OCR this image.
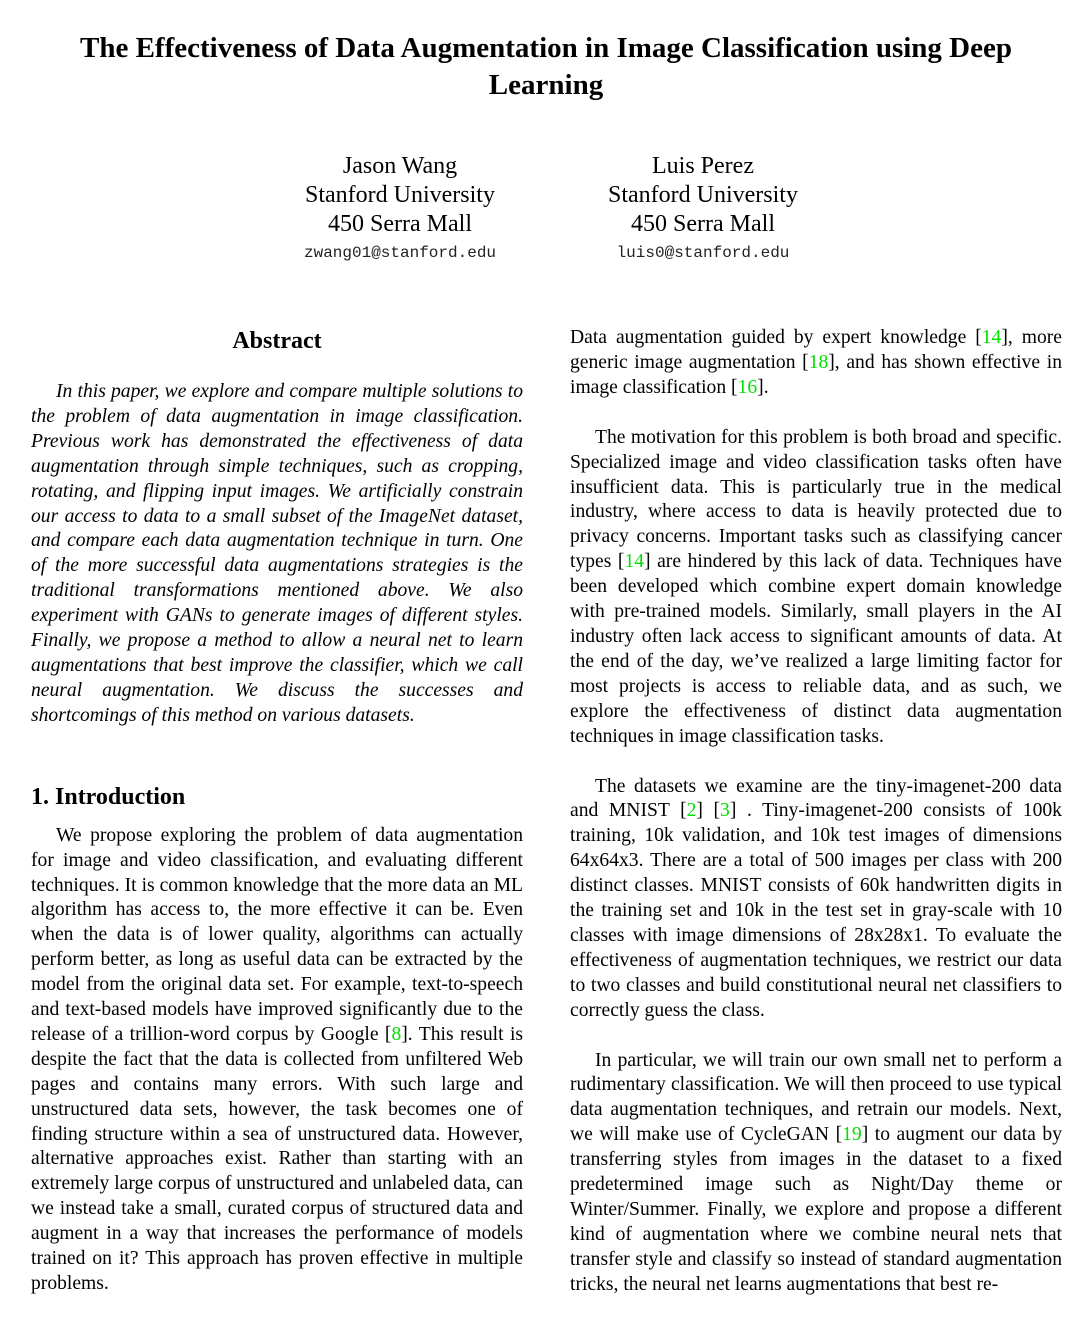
The Effectiveness of Data Augmentation in Image Classification using Deep Learning
Jason Wang
Stanford University
450 Serra Mall
zwang01@stanford.edu
Luis Perez
Stanford University
450 Serra Mall
luis0@stanford.edu
Abstract

In this paper, we explore and compare multiple solutions to the problem of data augmentation in image classification. Previous work has demonstrated the effectiveness of data augmentation through simple techniques, such as cropping, rotating, and flipping input images. We artificially constrain our access to data to a small subset of the ImageNet dataset, and compare each data augmentation technique in turn. One of the more successful data augmentations strategies is the traditional transformations mentioned above. We also experiment with GANs to generate images of different styles. Finally, we propose a method to allow a neural net to learn augmentations that best improve the classifier, which we call neural augmentation. We discuss the successes and shortcomings of this method on various datasets.

1. Introduction

We propose exploring the problem of data augmentation for image and video classification, and evaluating different techniques. It is common knowledge that the more data an ML algorithm has access to, the more effective it can be. Even when the data is of lower quality, algorithms can actually perform better, as long as useful data can be extracted by the model from the original data set. For example, text-to-speech and text-based models have improved significantly due to the release of a trillion-word corpus by Google [8]. This result is despite the fact that the data is collected from unfiltered Web pages and contains many errors. With such large and unstructured data sets, however, the task becomes one of finding structure within a sea of unstructured data. However, alternative approaches exist. Rather than starting with an extremely large corpus of unstructured and unlabeled data, can we instead take a small, curated corpus of structured data and augment in a way that increases the performance of models trained on it? This approach has proven effective in multiple problems.

Data augmentation guided by expert knowledge [14], more generic image augmentation [18], and has shown effective in image classification [16].

The motivation for this problem is both broad and specific. Specialized image and video classification tasks often have insufficient data. This is particularly true in the medical industry, where access to data is heavily protected due to privacy concerns. Important tasks such as classifying cancer types [14] are hindered by this lack of data. Techniques have been developed which combine expert domain knowledge with pre-trained models. Similarly, small players in the AI industry often lack access to significant amounts of data. At the end of the day, we’ve realized a large limiting factor for most projects is access to reliable data, and as such, we explore the effectiveness of distinct data augmentation techniques in image classification tasks.

The datasets we examine are the tiny-imagenet-200 data and MNIST [2] [3] . Tiny-imagenet-200 consists of 100k training, 10k validation, and 10k test images of dimensions 64x64x3. There are a total of 500 images per class with 200 distinct classes. MNIST consists of 60k handwritten digits in the training set and 10k in the test set in gray-scale with 10 classes with image dimensions of 28x28x1. To evaluate the effectiveness of augmentation techniques, we restrict our data to two classes and build constitutional neural net classifiers to correctly guess the class.

In particular, we will train our own small net to perform a rudimentary classification. We will then proceed to use typical data augmentation techniques, and retrain our models. Next, we will make use of CycleGAN [19] to augment our data by transferring styles from images in the dataset to a fixed predetermined image such as Night/Day theme or Winter/Summer. Finally, we explore and propose a different kind of augmentation where we combine neural nets that transfer style and classify so instead of standard augmentation tricks, the neural net learns augmentations that best re-
